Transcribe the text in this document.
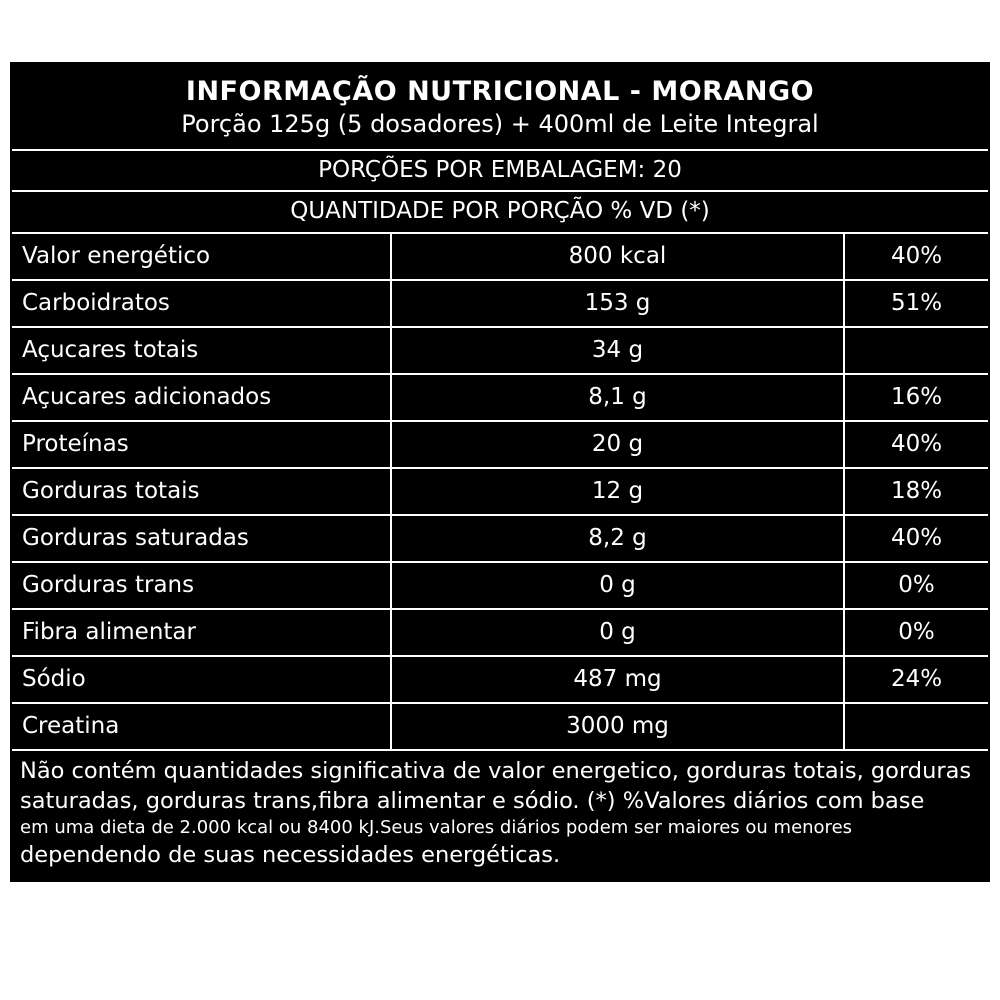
INFORMAÇÃO NUTRICIONAL - MORANGO
Porção 125g (5 dosadores) + 400ml de Leite Integral
PORÇÕES POR EMBALAGEM: 20
QUANTIDADE POR PORÇÃO % VD (*)
Valor energético	800 kcal	40%
Carboidratos	153 g	51%
Açucares totais	34 g	
Açucares adicionados	8,1 g	16%
Proteínas	20 g	40%
Gorduras totais	12 g	18%
Gorduras saturadas	8,2 g	40%
Gorduras trans	0 g	0%
Fibra alimentar	0 g	0%
Sódio	487 mg	24%
Creatina	3000 mg	

Não contém quantidades significativa de valor energetico, gorduras totais, gorduras

saturadas, gorduras trans,fibra alimentar e sódio. (*) %Valores diários com base

em uma dieta de 2.000 kcal ou 8400 kJ.Seus valores diários podem ser maiores ou menores

dependendo de suas necessidades energéticas.
